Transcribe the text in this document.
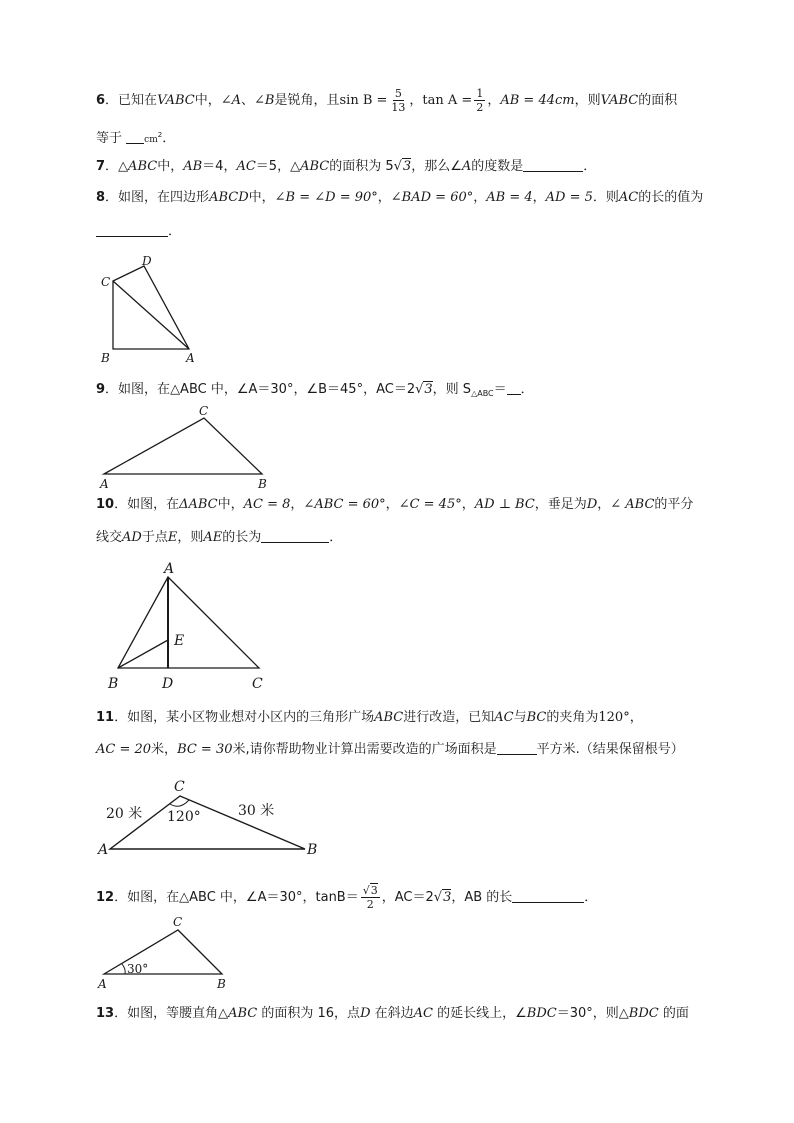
6．已知在VABC中，∠A、∠B是锐角，且$\sin B = \frac{5}{13}$ ，$\tan A = \frac{1}{2}$ ，AB = 44cm，则VABC的面积
等于 $cm^2$．
7．△ABC中，AB＝4，AC＝5，△ABC的面积为 5√3，那么∠A的度数是	．
8．如图，在四边形ABCD中，∠B = ∠D = 90°，∠BAD = 60°，AB = 4，AD = 5．则AC的长的值为
．
C
D
B	A
9．如图，在△ABC 中，∠A＝30°，∠B＝45°，AC＝2√3，则 $S_{\triangle ABC}=$ ．
C
A	B
10．如图，在ΔABC中，AC = 8，∠ABC = 60°，∠C = 45°，AD ⊥ BC，垂足为D，∠ ABC的平分
线交AD于点E，则AE的长为	．
A
E
B	D	C
11．如图，某小区物业想对小区内的三角形广场ABC进行改造，已知AC与BC的夹角为120°，
AC = 20米，BC = 30米,请你帮助物业计算出需要改造的广场面积是	平方米.（结果保留根号）
C
A	B
20 米	30 米
120°
12．如图，在△ABC 中，∠A＝30°，$\tan B= \frac{√3}{2}$ ，AC＝2√3，AB 的长	．
C
A	B
30°
13．如图，等腰直角△ABC 的面积为 16，点D 在斜边AC 的延长线上，∠BDC＝30°，则△BDC 的面
